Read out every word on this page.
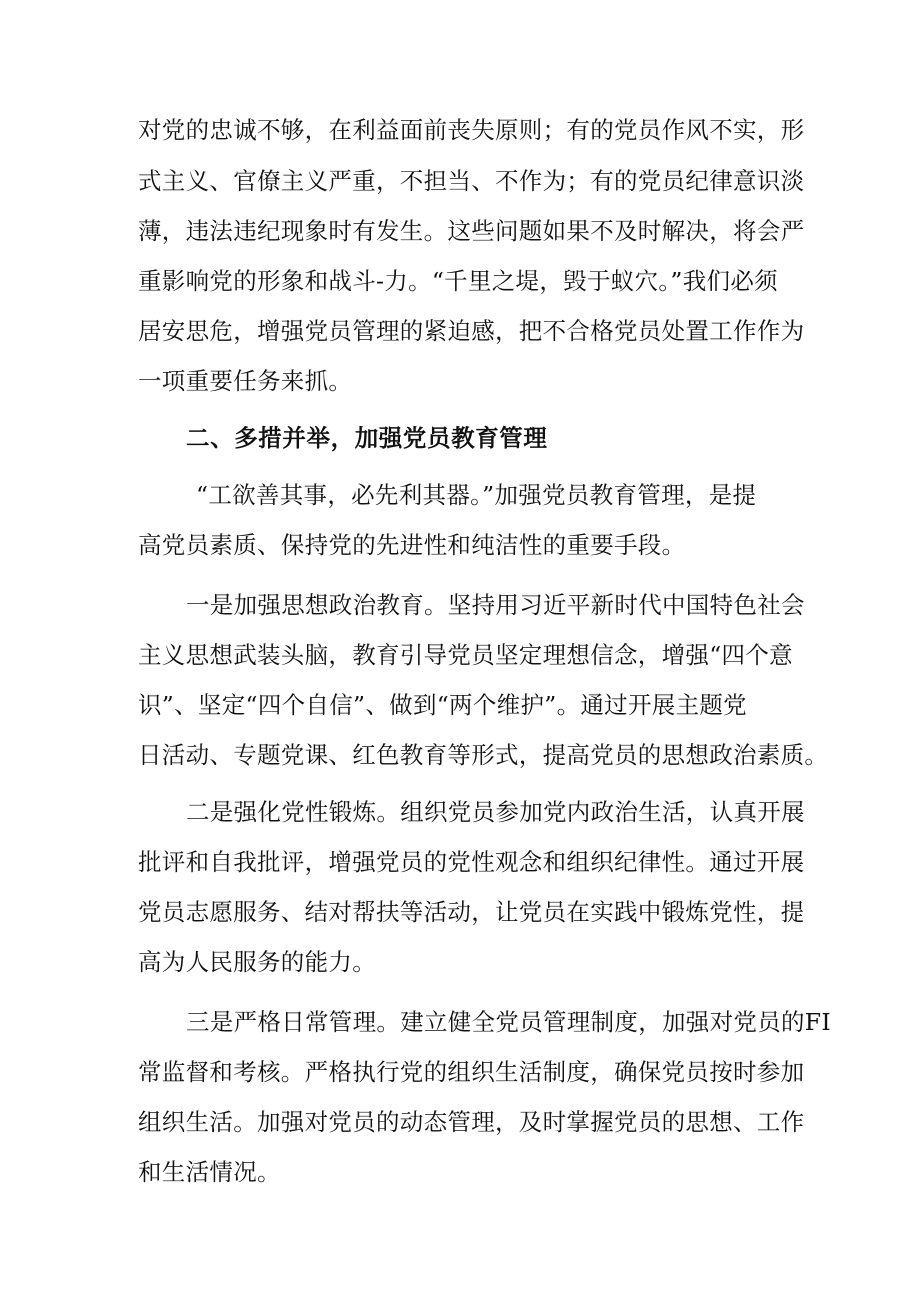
对党的忠诚不够，在利益面前丧失原则；有的党员作风不实，形

式主义、官僚主义严重，不担当、不作为；有的党员纪律意识淡

薄，违法违纪现象时有发生。这些问题如果不及时解决，将会严

重影响党的形象和战斗-力。“千里之堤，毁于蚁穴。”我们必须

居安思危，增强党员管理的紧迫感，把不合格党员处置工作作为

一项重要任务来抓。

二、多措并举，加强党员教育管理

“工欲善其事，必先利其器。”加强党员教育管理，是提

高党员素质、保持党的先进性和纯洁性的重要手段。

一是加强思想政治教育。坚持用习近平新时代中国特色社会

主义思想武装头脑，教育引导党员坚定理想信念，增强“四个意

识”、坚定“四个自信”、做到“两个维护”。通过开展主题党

日活动、专题党课、红色教育等形式，提高党员的思想政治素质。

二是强化党性锻炼。组织党员参加党内政治生活，认真开展

批评和自我批评，增强党员的党性观念和组织纪律性。通过开展

党员志愿服务、结对帮扶等活动，让党员在实践中锻炼党性，提

高为人民服务的能力。

三是严格日常管理。建立健全党员管理制度，加强对党员的FI

常监督和考核。严格执行党的组织生活制度，确保党员按时参加

组织生活。加强对党员的动态管理，及时掌握党员的思想、工作

和生活情况。
